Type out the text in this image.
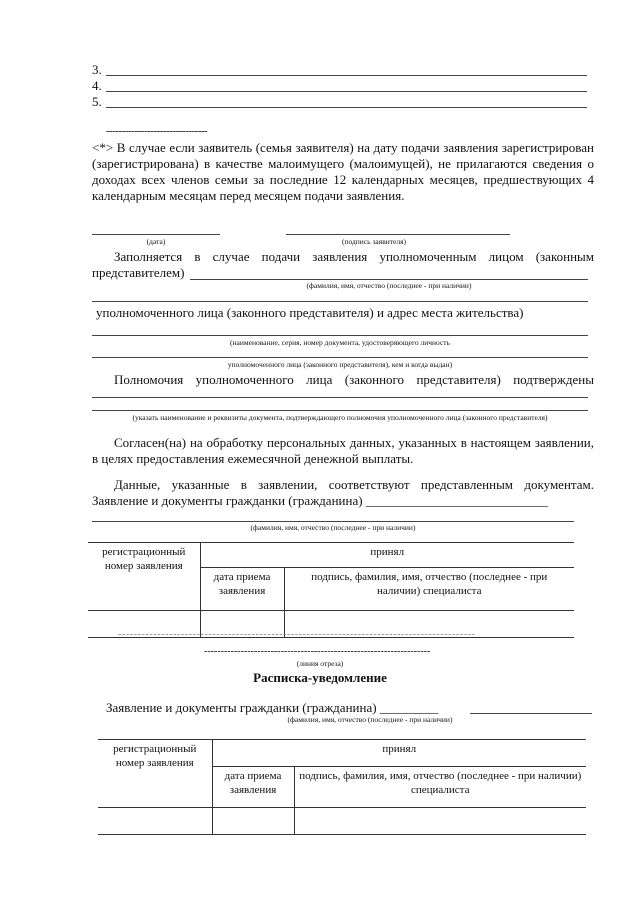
3.
4.
5.
--------------------------------
<*> В случае если заявитель (семья заявителя) на дату подачи заявления зарегистрирован (зарегистрирована) в качестве малоимущего (малоимущей), не прилагаются сведения о доходах всех членов семьи за последние 12 календарных месяцев, предшествующих 4 календарным месяцам перед месяцем подачи заявления.
(дата)	(подпись заявителя)
Заполняется в случае подачи заявления уполномоченным лицом (законным
представителем)
(фамилия, имя, отчество (последнее - при наличии)
уполномоченного лица (законного представителя) и адрес места жительства)
(наименование, серия, номер документа, удостоверяющего личность
уполномоченного лица (законного представителя), кем и когда выдан)
Полномочия уполномоченного лица (законного представителя) подтверждены
(указать наименование и реквизиты документа, подтверждающего полномочия уполномоченного лица (законного представителя)
Согласен(на) на обработку персональных данных, указанных в настоящем заявлении, в целях предоставления ежемесячной денежной выплаты.
Данные, указанные в заявлении, соответствуют представленным документам.
Заявление и документы гражданки (гражданина) ____________________________
(фамилия, имя, отчество (последнее - при наличии)
регистрационный номер заявления	принял	
	дата приема заявления	подпись, фамилия, имя, отчество (последнее - при наличии) специалиста

-------------------------------------------------------------------------------------------
--------------------------------------------------------------------
(линия отреза)
Расписка-уведомление
Заявление и документы гражданки (гражданина) _________
(фамилия, имя, отчество (последнее - при наличии)
регистрационный номер заявления	принял	
	дата приема заявления	подпись, фамилия, имя, отчество (последнее - при наличии) специалиста
